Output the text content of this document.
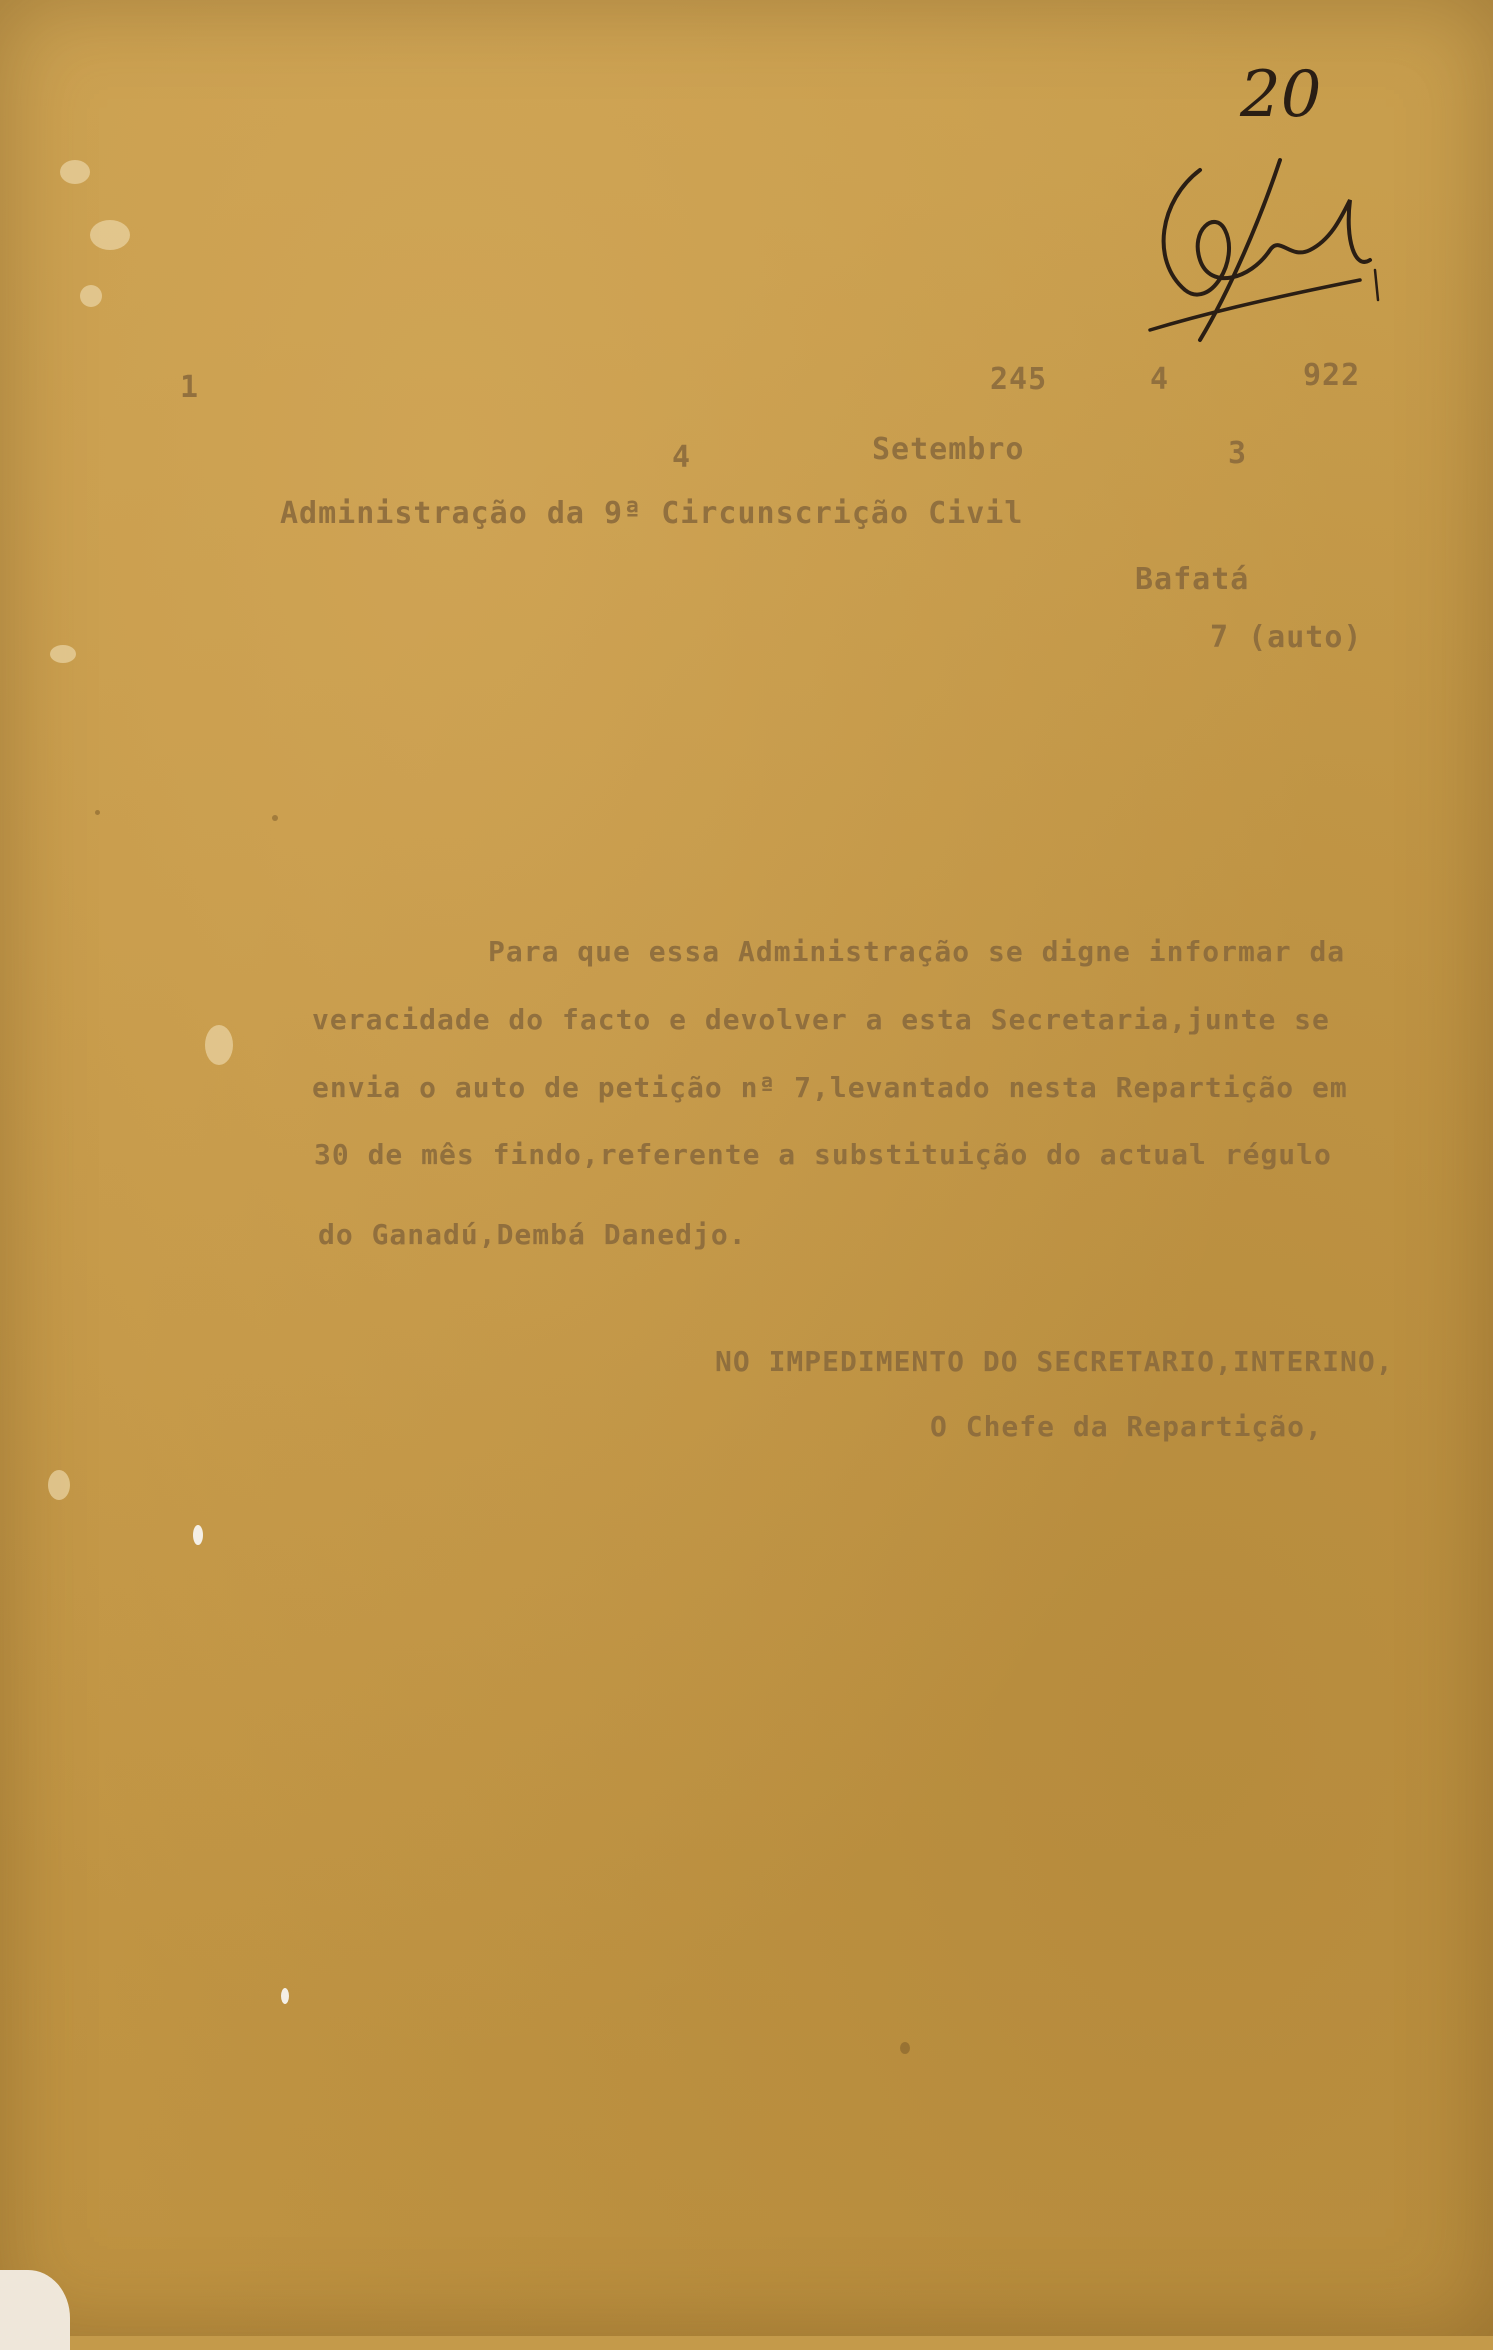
20
1	245	4	922
4	Setembro	3
Administração da 9ª Circunscrição Civil
Bafatá
7 (auto)
Para que essa Administração se digne informar da
veracidade do facto e devolver a esta Secretaria,junte se
envia o auto de petição nª 7,levantado nesta Repartição em
30 de mês findo,referente a substituição do actual régulo
do Ganadú,Dembá Danedjo.
NO IMPEDIMENTO DO SECRETARIO,INTERINO,
O Chefe da Repartição,
